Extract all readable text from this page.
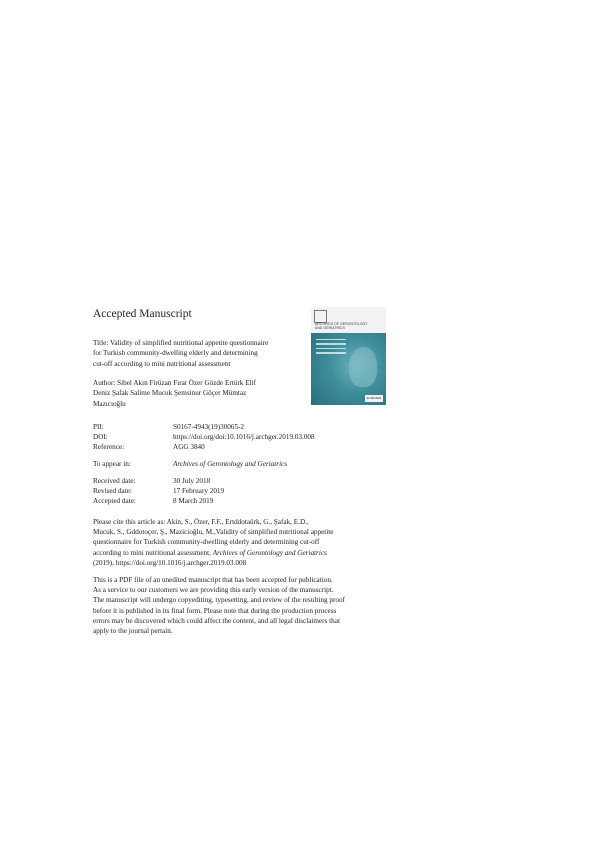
Accepted Manuscript
ARCHIVES OF GERONTOLOGY
AND GERIATRICS
ELSEVIER
Title: Validity of simplified nutritional appetite questionnaire
for Turkish community-dwelling elderly and determining
cut-off according to mini nutritional assessment
Author: Sibel Akın Firüzan Fırat Özer Gözde Ertürk Elif
Deniz Şafak Salime Mucuk Şemsinur Göçer Mümtaz
Mazıcıoğlu
PII:	S0167-4943(19)30065-2
DOI:	https://doi.org/doi:10.1016/j.archger.2019.03.008
Reference:	AGG 3840
To appear in:	Archives of Gerontology and Geriatrics
Received date:	30 July 2018
Revised date:	17 February 2019
Accepted date:	8 March 2019
Please cite this article as: Akin, S., Özer, F.F., Ertddotaürk, G., Şafak, E.D.,
Mucuk, S., Gddotoçer, Ş., Mazicioğlu, M.,Validity of simplified nutritional appetite
questionnaire for Turkish community-dwelling elderly and determining cut-off
according to mini nutritional assessment, Archives of Gerontology and Geriatrics
(2019), https://doi.org/10.1016/j.archger.2019.03.008
This is a PDF file of an unedited manuscript that has been accepted for publication.
As a service to our customers we are providing this early version of the manuscript.
The manuscript will undergo copyediting, typesetting, and review of the resulting proof
before it is published in its final form. Please note that during the production process
errors may be discovered which could affect the content, and all legal disclaimers that
apply to the journal pertain.
